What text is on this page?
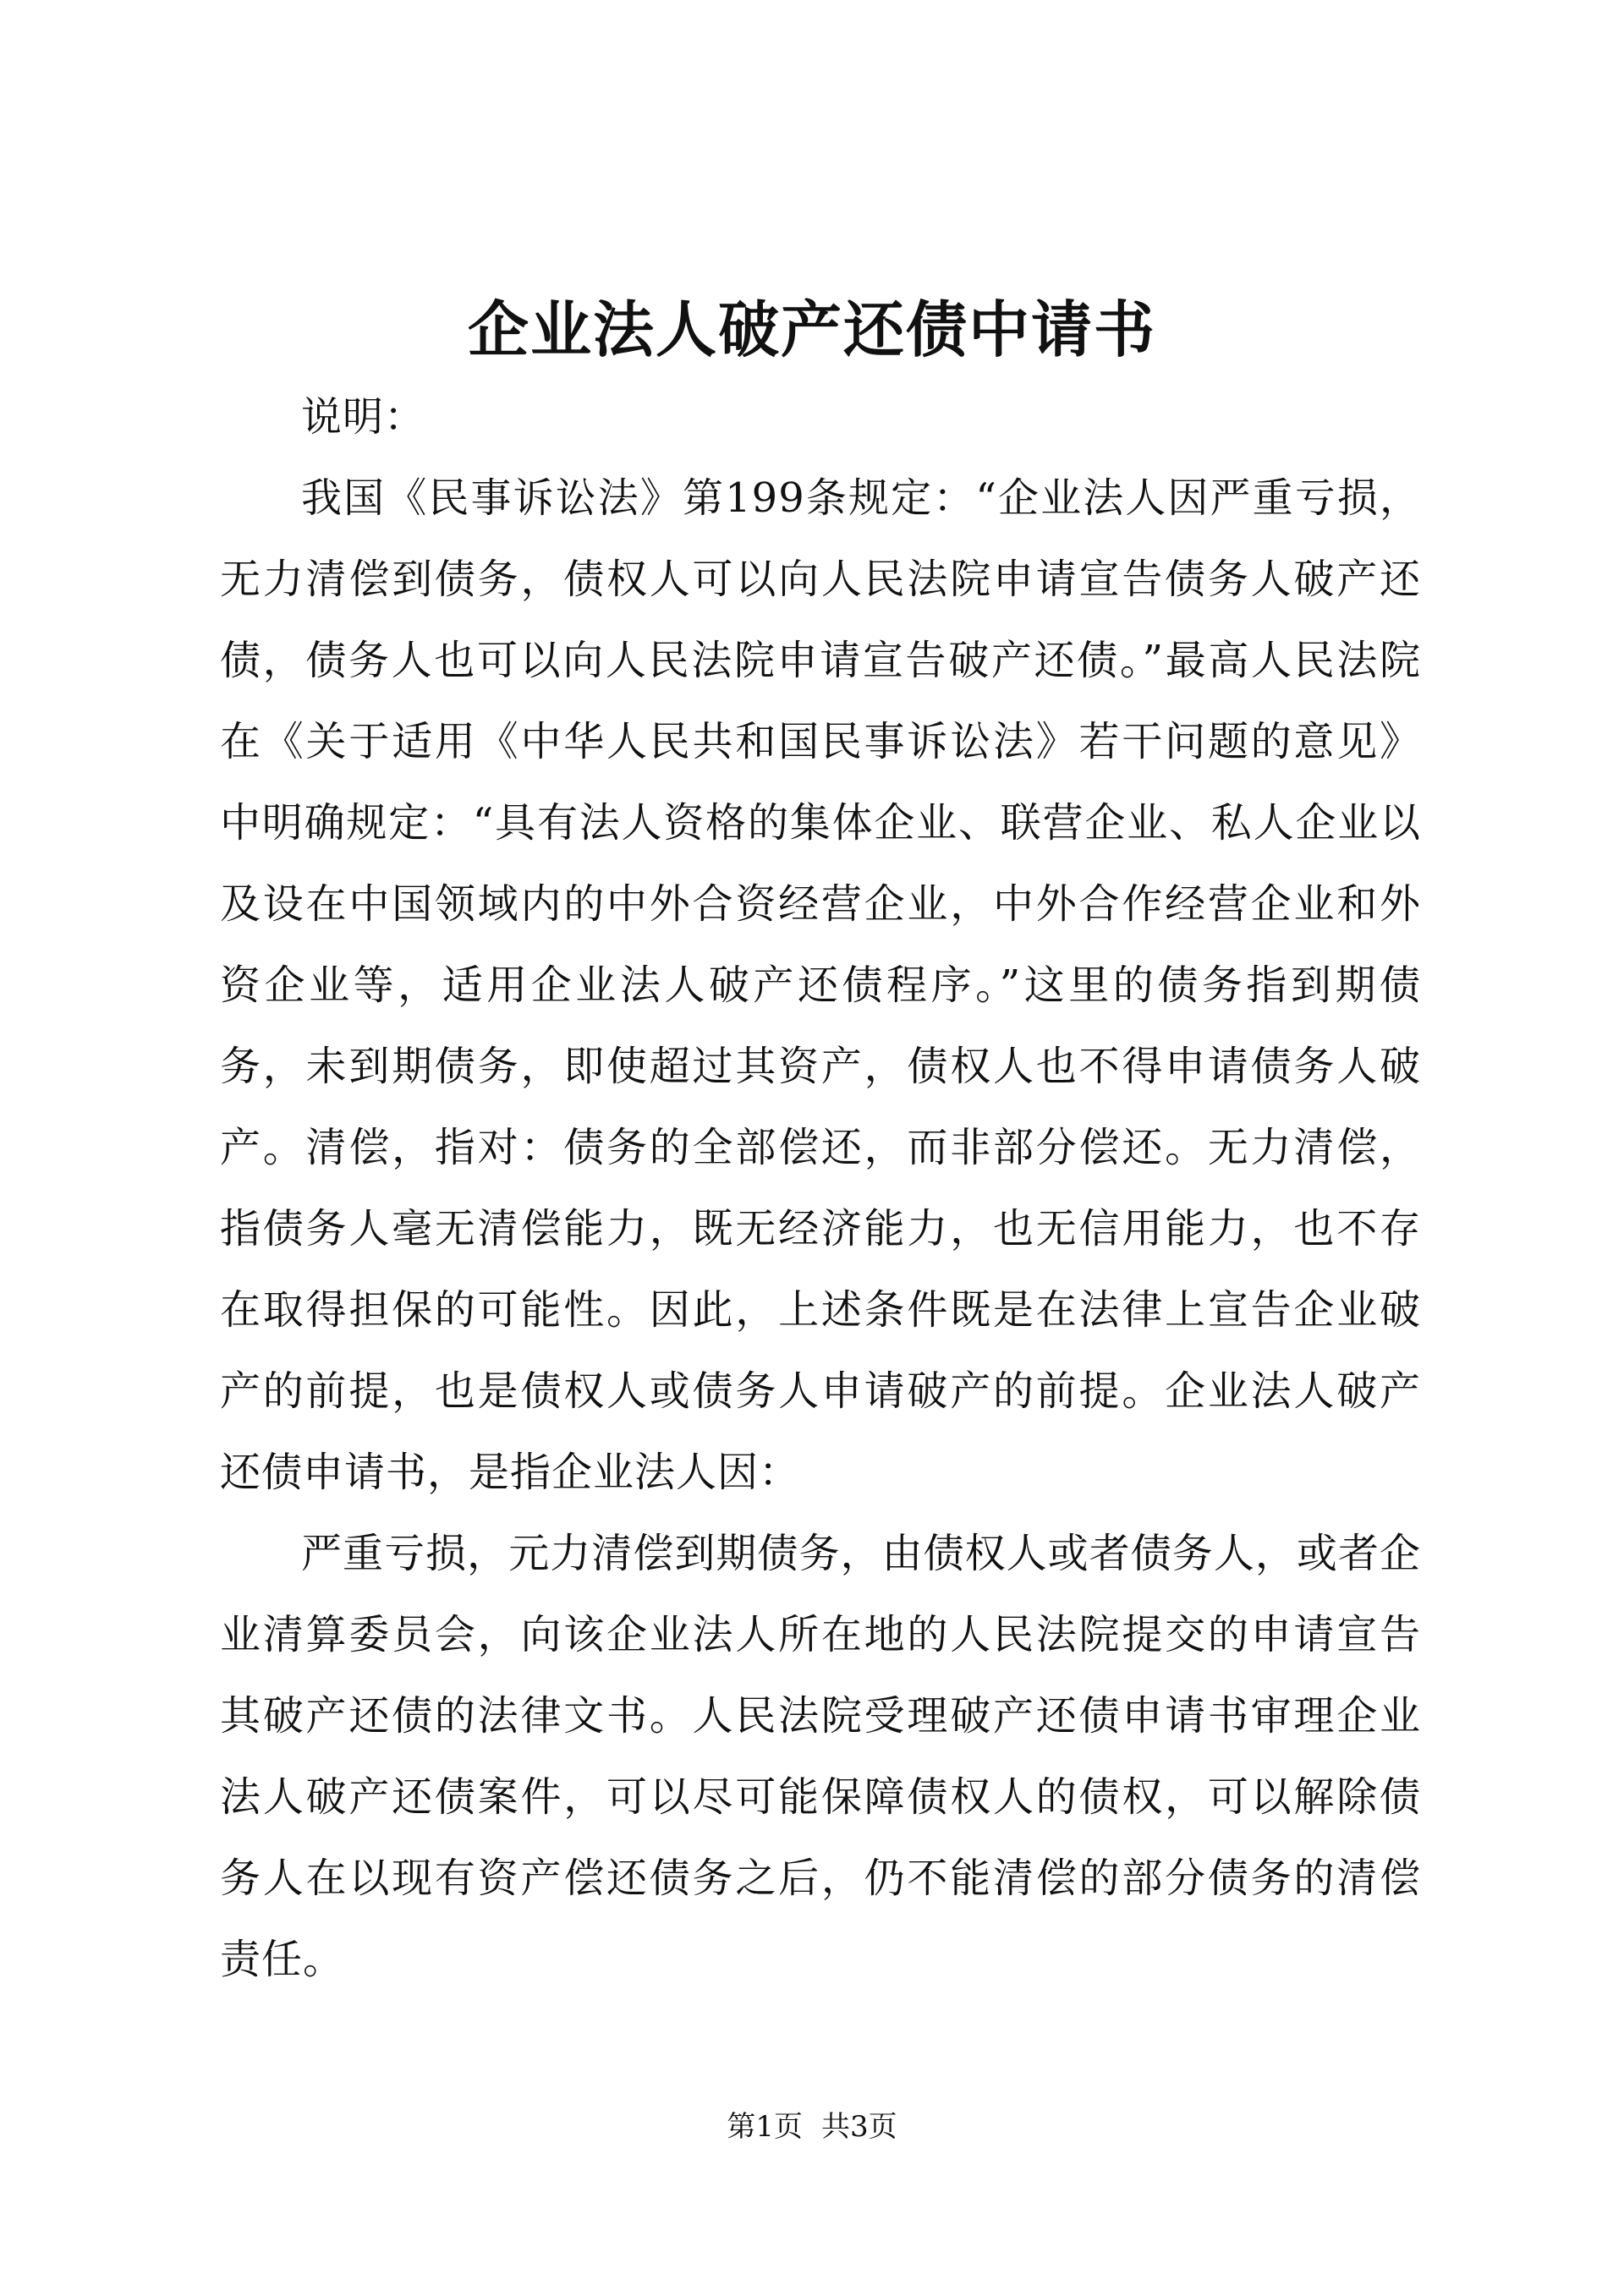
企业法人破产还债中请书

说明：

我国《民事诉讼法》第199条规定：“企业法人因严重亏损，无力清偿到债务，债权人可以向人民法院申请宣告债务人破产还债，债务人也可以向人民法院申请宣告破产还债。”最高人民法院在《关于适用《中华人民共和国民事诉讼法》若干问题的意见》中明确规定：“具有法人资格的集体企业、联营企业、私人企业以及设在中国领域内的中外合资经营企业，中外合作经营企业和外资企业等，适用企业法人破产还债程序。”这里的债务指到期债务，未到期债务，即使超过其资产，债权人也不得申请债务人破产。清偿，指对：债务的全部偿还，而非部分偿还。无力清偿，指债务人毫无清偿能力，既无经济能力，也无信用能力，也不存在取得担保的可能性。因此，上述条件既是在法律上宣告企业破产的前提，也是债权人或债务人申请破产的前提。企业法人破产还债申请书，是指企业法人因：

严重亏损，元力清偿到期债务，由债权人或者债务人，或者企业清算委员会，向该企业法人所在地的人民法院提交的申请宣告其破产还债的法律文书。人民法院受理破产还债申请书审理企业法人破产还债案件，可以尽可能保障债权人的债权，可以解除债务人在以现有资产偿还债务之后，仍不能清偿的部分债务的清偿责任。

第1页 共3页
